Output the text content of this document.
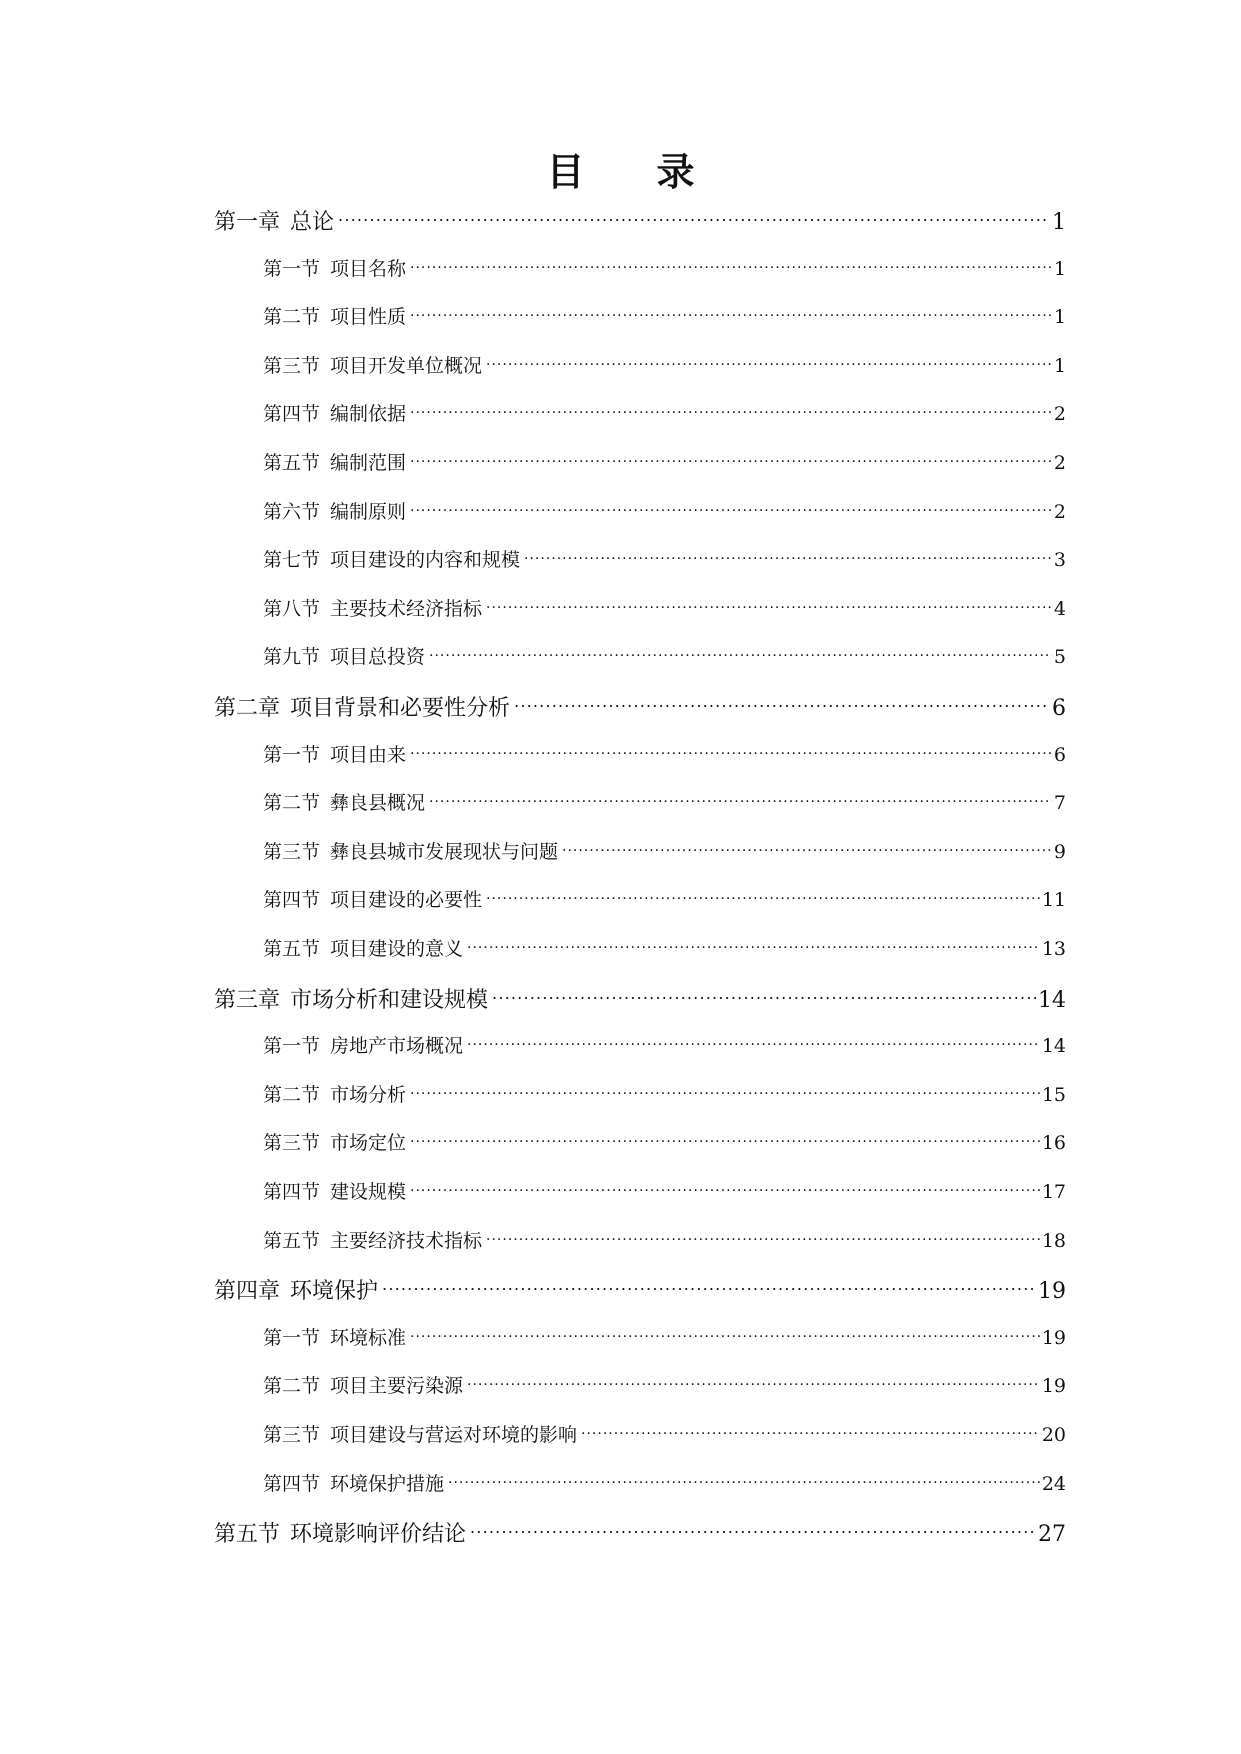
目 录
第一章 总论 .....	1
第一节 项目名称 .....	1
第二节 项目性质 .....	1
第三节 项目开发单位概况 .....	1
第四节 编制依据 .....	2
第五节 编制范围 .....	2
第六节 编制原则 .....	2
第七节 项目建设的内容和规模 .....	3
第八节 主要技术经济指标 .....	4
第九节 项目总投资 .....	5
第二章 项目背景和必要性分析 .....	6
第一节 项目由来 .....	6
第二节 彝良县概况 .....	7
第三节 彝良县城市发展现状与问题 .....	9
第四节 项目建设的必要性 .....	11
第五节 项目建设的意义 .....	13
第三章 市场分析和建设规模 .....	14
第一节 房地产市场概况 .....	14
第二节 市场分析 .....	15
第三节 市场定位 .....	16
第四节 建设规模 .....	17
第五节 主要经济技术指标 .....	18
第四章 环境保护 .....	19
第一节 环境标准 .....	19
第二节 项目主要污染源 .....	19
第三节 项目建设与营运对环境的影响 .....	20
第四节 环境保护措施 .....	24
第五节 环境影响评价结论 .....	27
